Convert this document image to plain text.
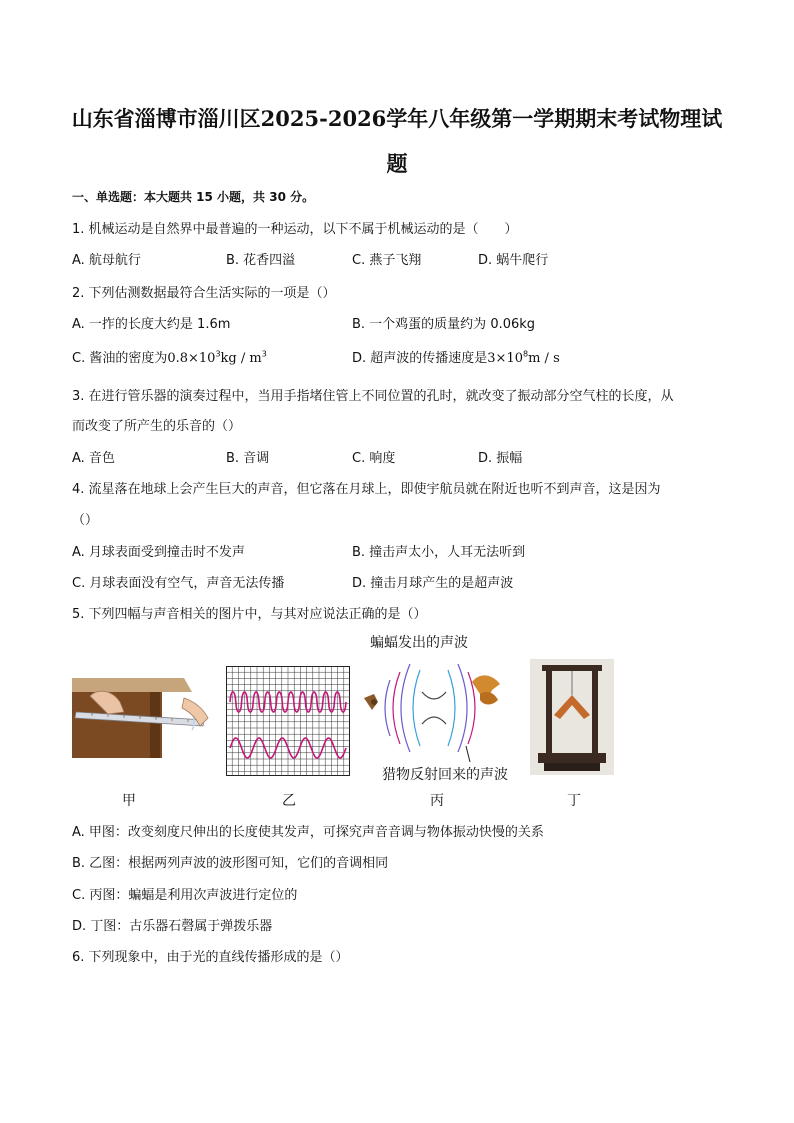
山东省淄博市淄川区2025-2026学年八年级第一学期期末考试物理试
题
一、单选题：本大题共 15 小题，共 30 分。
1. 机械运动是自然界中最普遍的一种运动，以下不属于机械运动的是（　　）
A. 航母航行	B. 花香四溢	C. 燕子飞翔	D. 蜗牛爬行
2. 下列估测数据最符合生活实际的一项是（）
A. 一拃的长度大约是 1.6m	B. 一个鸡蛋的质量约为 0.06kg
C. 酱油的密度为$0.8\times 10^3kg / m^3$	D. 超声波的传播速度是$3\times 10^8m / s$
3. 在进行管乐器的演奏过程中，当用手指堵住管上不同位置的孔时，就改变了振动部分空气柱的长度，从
而改变了所产生的乐音的（）
A. 音色	B. 音调	C. 响度	D. 振幅
4. 流星落在地球上会产生巨大的声音，但它落在月球上，即使宇航员就在附近也听不到声音，这是因为
（）
A. 月球表面受到撞击时不发声	B. 撞击声太小，人耳无法听到
C. 月球表面没有空气，声音无法传播	D. 撞击月球产生的是超声波
5. 下列四幅与声音相关的图片中，与其对应说法正确的是（）
蝙蝠发出的声波
猎物反射回来的声波
甲	乙	丙	丁
A. 甲图：改变刻度尺伸出的长度使其发声，可探究声音音调与物体振动快慢的关系
B. 乙图：根据两列声波的波形图可知，它们的音调相同
C. 丙图：蝙蝠是利用次声波进行定位的
D. 丁图：古乐器石磬属于弹拨乐器
6. 下列现象中，由于光的直线传播形成的是（）
